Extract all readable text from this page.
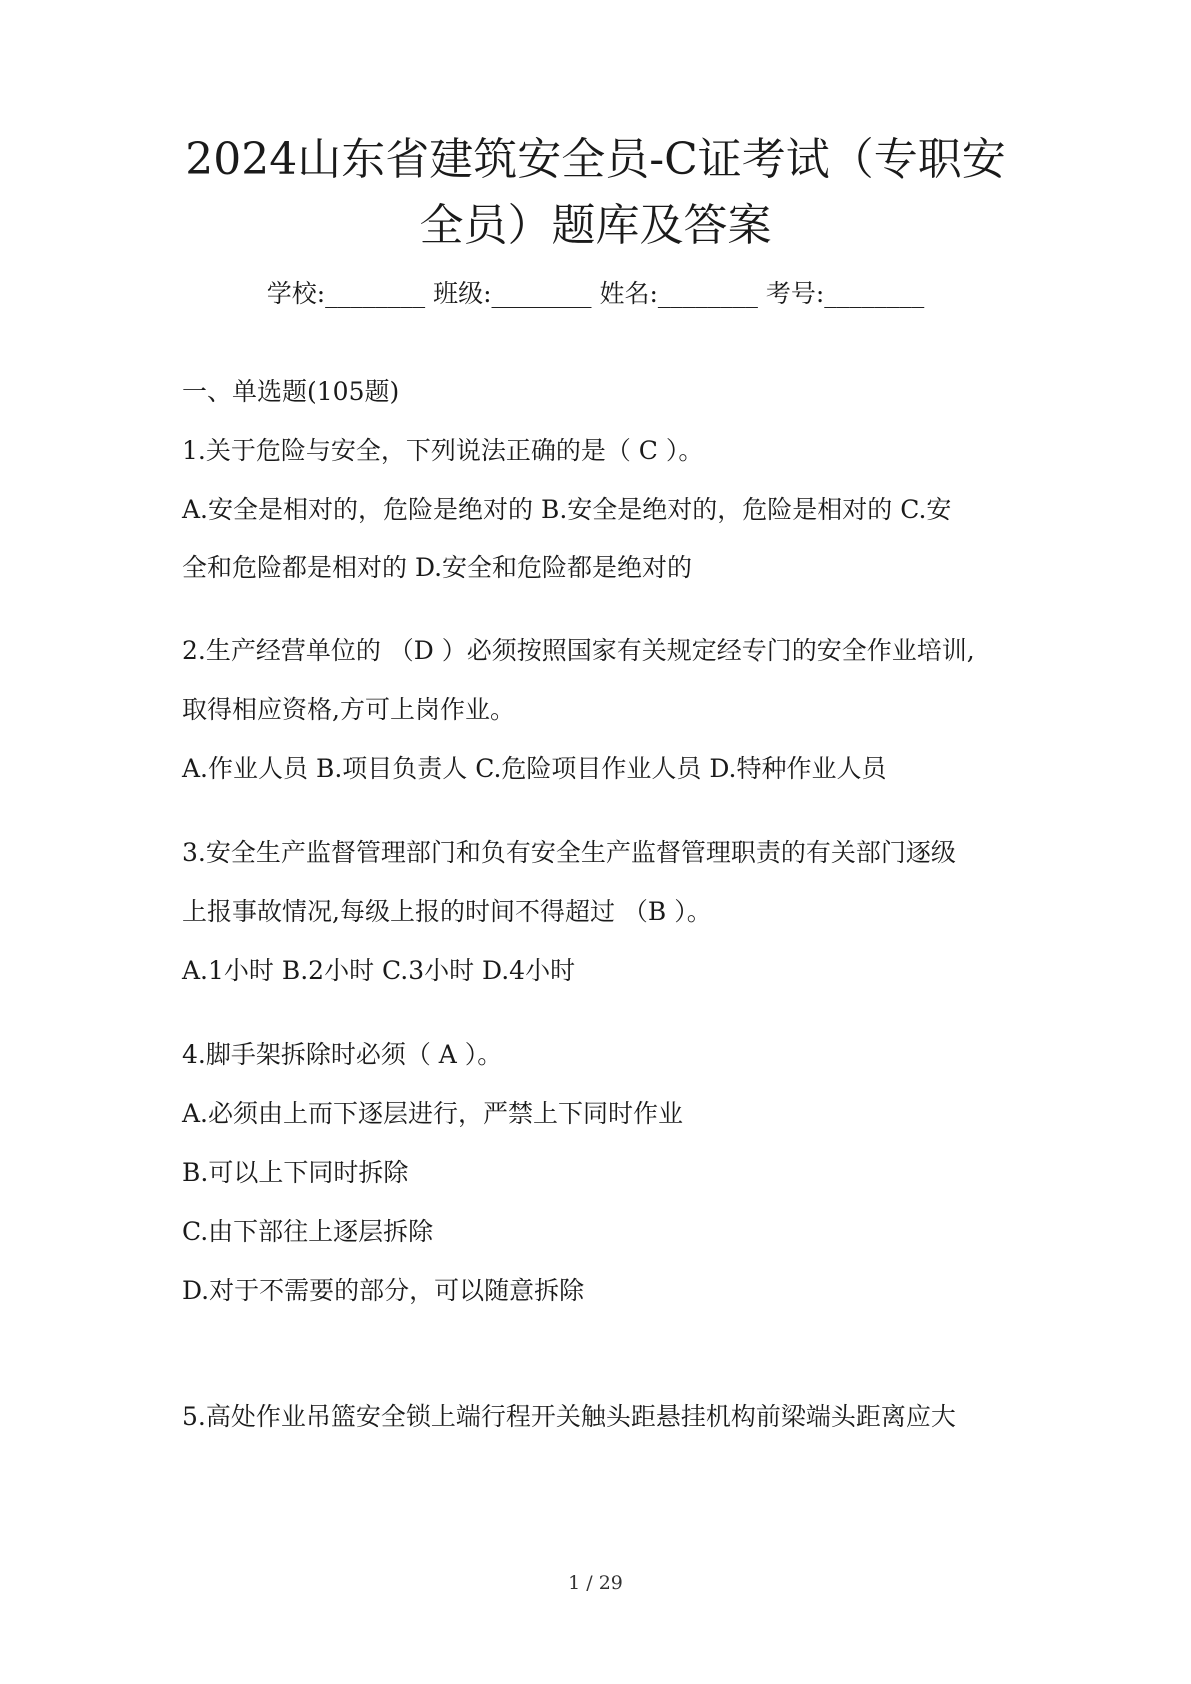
2024山东省建筑安全员-C证考试（专职安
全员）题库及答案
学校:________ 班级:________ 姓名:________ 考号:________
一、单选题(105题)
1.关于危险与安全，下列说法正确的是（ C ）。
A.安全是相对的，危险是绝对的 B.安全是绝对的，危险是相对的 C.安
全和危险都是相对的 D.安全和危险都是绝对的
2.生产经营单位的 （D ）必须按照国家有关规定经专门的安全作业培训,
取得相应资格,方可上岗作业。
A.作业人员 B.项目负责人 C.危险项目作业人员 D.特种作业人员
3.安全生产监督管理部门和负有安全生产监督管理职责的有关部门逐级
上报事故情况,每级上报的时间不得超过 （B ）。
A.1小时 B.2小时 C.3小时 D.4小时
4.脚手架拆除时必须（ A ）。
A.必须由上而下逐层进行，严禁上下同时作业
B.可以上下同时拆除
C.由下部往上逐层拆除
D.对于不需要的部分，可以随意拆除
5.高处作业吊篮安全锁上端行程开关触头距悬挂机构前梁端头距离应大
1 / 29
